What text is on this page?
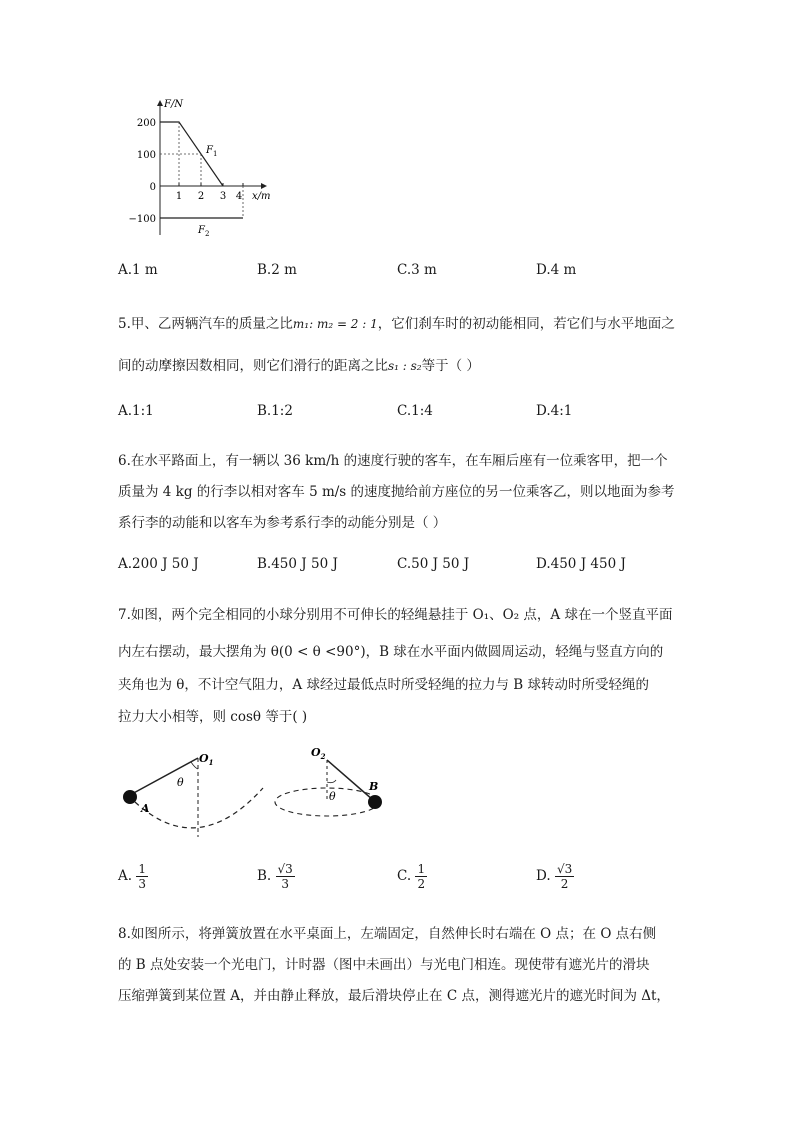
F/N
x/m
200
100
0
−100
1 2 3 4
$F_1$
$F_2$
A.1 m	B.2 m	C.3 m	D.4 m
5.甲、乙两辆汽车的质量之比m₁: m₂ = 2 : 1，它们刹车时的初动能相同，若它们与水平地面之
间的动摩擦因数相同，则它们滑行的距离之比s₁ : s₂等于（ ）
A.1:1	B.1:2	C.1:4	D.4:1
6.在水平路面上，有一辆以 36 km/h 的速度行驶的客车，在车厢后座有一位乘客甲，把一个
质量为 4 kg 的行李以相对客车 5 m/s 的速度抛给前方座位的另一位乘客乙，则以地面为参考
系行李的动能和以客车为参考系行李的动能分别是（ ）
A.200 J 50 J	B.450 J 50 J	C.50 J 50 J	D.450 J 450 J
7.如图，两个完全相同的小球分别用不可伸长的轻绳悬挂于 O₁、O₂ 点，A 球在一个竖直平面
内左右摆动，最大摆角为 θ(0 < θ <90°)，B 球在水平面内做圆周运动，轻绳与竖直方向的
夹角也为 θ，不计空气阻力，A 球经过最低点时所受轻绳的拉力与 B 球转动时所受轻绳的
拉力大小相等，则 cosθ 等于( )
$O_1$
A
θ
$O_2$
B
θ
A. $\frac{1}{3}$	B. $\frac{√3}{3}$	C. $\frac{1}{2}$	D. $\frac{√3}{2}$
8.如图所示，将弹簧放置在水平桌面上，左端固定，自然伸长时右端在 O 点；在 O 点右侧
的 B 点处安装一个光电门，计时器（图中未画出）与光电门相连。现使带有遮光片的滑块
压缩弹簧到某位置 A，并由静止释放，最后滑块停止在 C 点，测得遮光片的遮光时间为 Δt，
